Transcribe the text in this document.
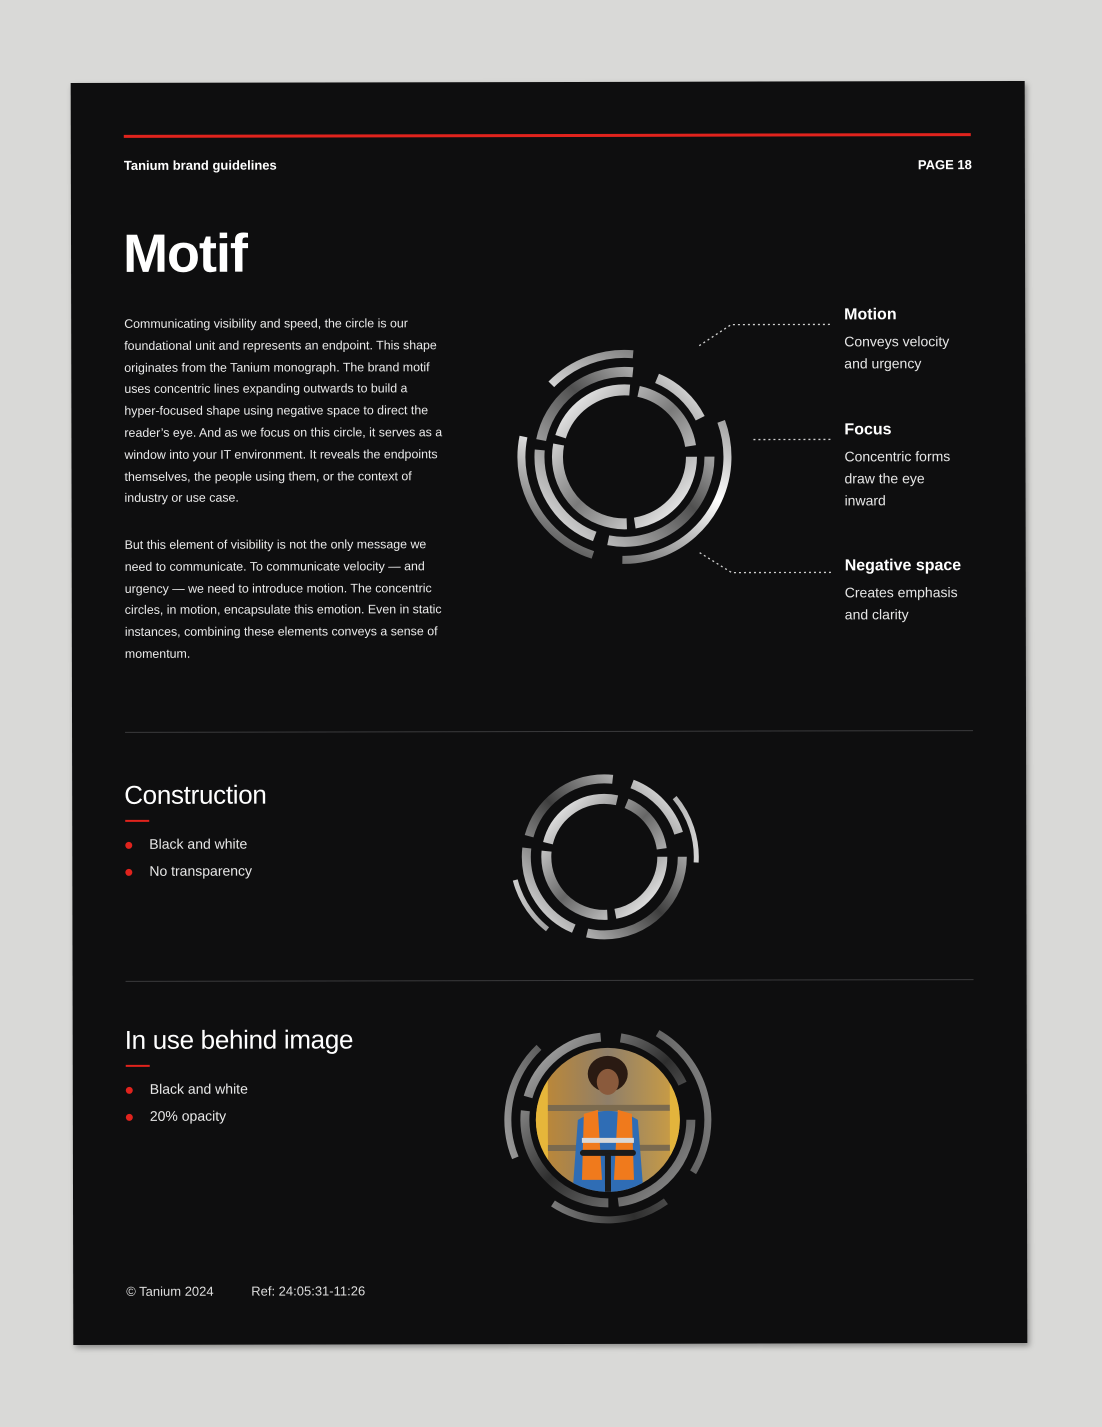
Tanium brand guidelines	PAGE 18
Motif

Communicating visibility and speed, the circle is our foundational unit and represents an endpoint. This shape originates from the Tanium monograph. The brand motif uses concentric lines expanding outwards to build a hyper-focused shape using negative space to direct the reader’s eye. And as we focus on this circle, it serves as a window into your IT environment. It reveals the endpoints themselves, the people using them, or the context of industry or use case.

But this element of visibility is not the only message we need to communicate. To communicate velocity — and urgency — we need to introduce motion. The concentric circles, in motion, encapsulate this emotion. Even in static instances, combining these elements conveys a sense of momentum.

Motion
Conveys velocity
and urgency
Focus
Concentric forms
draw the eye
inward
Negative space
Creates emphasis
and clarity
Construction
Black and white
No transparency
In use behind image
Black and white
20% opacity
© Tanium 2024	Ref: 24:05:31-11:26
